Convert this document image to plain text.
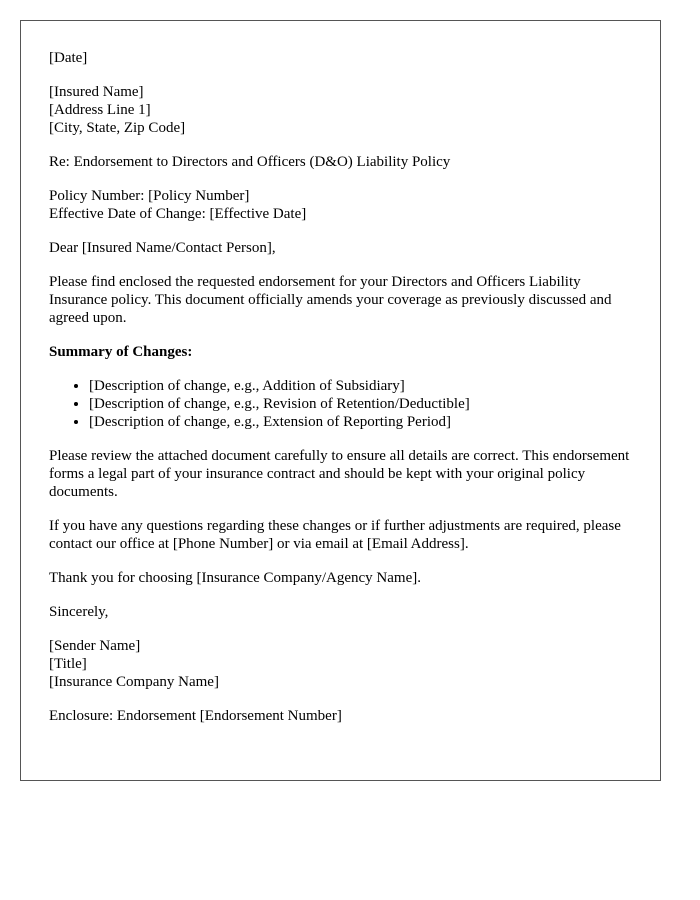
[Date]

[Insured Name]
[Address Line 1]
[City, State, Zip Code]

Re: Endorsement to Directors and Officers (D&O) Liability Policy

Policy Number: [Policy Number]
Effective Date of Change: [Effective Date]

Dear [Insured Name/Contact Person],

Please find enclosed the requested endorsement for your Directors and Officers Liability Insurance policy. This document officially amends your coverage as previously discussed and agreed upon.

Summary of Changes:

• [Description of change, e.g., Addition of Subsidiary]
• [Description of change, e.g., Revision of Retention/Deductible]
• [Description of change, e.g., Extension of Reporting Period]

Please review the attached document carefully to ensure all details are correct. This endorsement forms a legal part of your insurance contract and should be kept with your original policy documents.

If you have any questions regarding these changes or if further adjustments are required, please contact our office at [Phone Number] or via email at [Email Address].

Thank you for choosing [Insurance Company/Agency Name].

Sincerely,

[Sender Name]
[Title]
[Insurance Company Name]

Enclosure: Endorsement [Endorsement Number]
